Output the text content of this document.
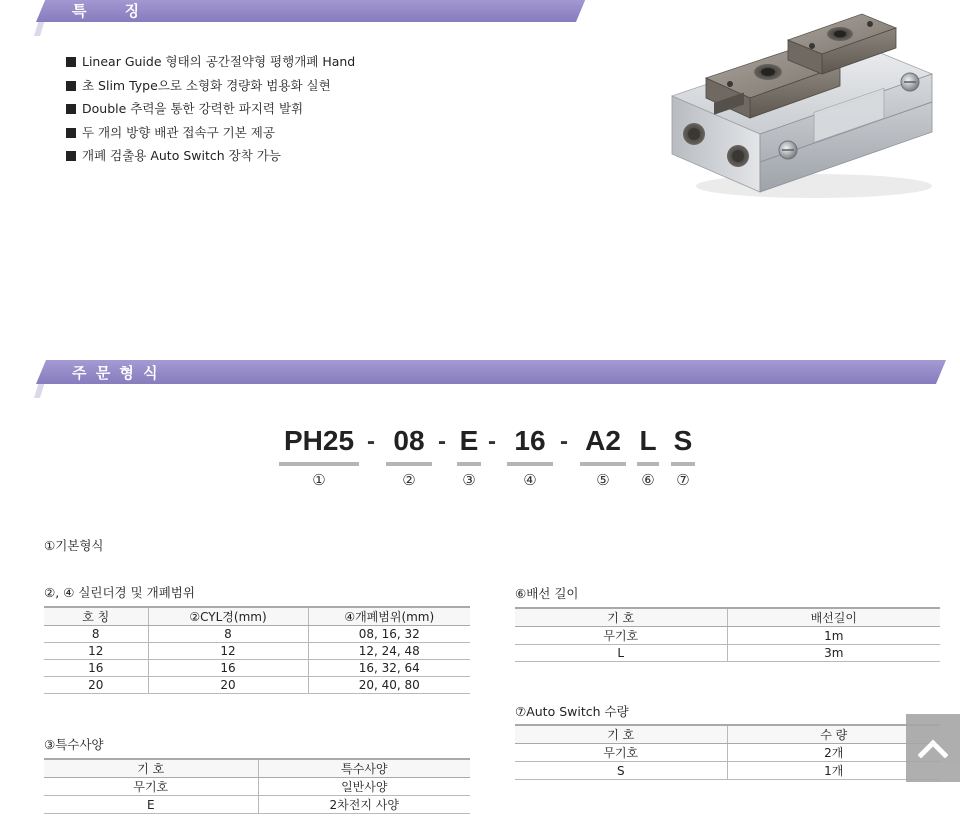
특     징
Linear Guide 형태의 공간절약형 평행개폐 Hand
초 Slim Type으로 소형화 경량화 범용화 실현
Double 추력을 통한 강력한 파지력 발휘
두 개의 방향 배관 접속구 기본 제공
개폐 검출용 Auto Switch 장착 가능
주 문 형 식
PH25 08 E 16 A2 L S
-	- -	-
①	②	③	④	⑤	⑥	⑦
①기본형식
②, ④ 실린더경 및 개폐범위
호 칭	②CYL경(mm)	④개폐범위(mm)
8	8	08, 16, 32
12	12	12, 24, 48
16	16	16, 32, 64
20	20	20, 40, 80
③특수사양
기 호	특수사양
무기호	일반사양
E	2차전지 사양
⑥배선 길이
기 호	배선길이
무기호	1m
L	3m
⑦Auto Switch 수량
기 호	수 량
무기호	2개
S	1개
